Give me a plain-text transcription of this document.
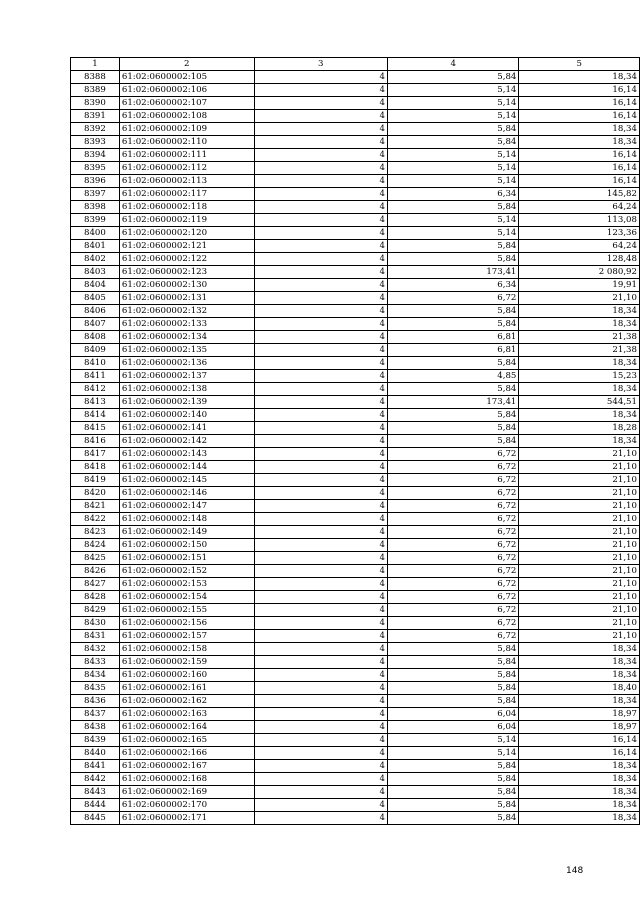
1	2	3	4	5
8388	61:02:0600002:105	4	5,84	18,34
8389	61:02:0600002:106	4	5,14	16,14
8390	61:02:0600002:107	4	5,14	16,14
8391	61:02:0600002:108	4	5,14	16,14
8392	61:02:0600002:109	4	5,84	18,34
8393	61:02:0600002:110	4	5,84	18,34
8394	61:02:0600002:111	4	5,14	16,14
8395	61:02:0600002:112	4	5,14	16,14
8396	61:02:0600002:113	4	5,14	16,14
8397	61:02:0600002:117	4	6,34	145,82
8398	61:02:0600002:118	4	5,84	64,24
8399	61:02:0600002:119	4	5,14	113,08
8400	61:02:0600002:120	4	5,14	123,36
8401	61:02:0600002:121	4	5,84	64,24
8402	61:02:0600002:122	4	5,84	128,48
8403	61:02:0600002:123	4	173,41	2 080,92
8404	61:02:0600002:130	4	6,34	19,91
8405	61:02:0600002:131	4	6,72	21,10
8406	61:02:0600002:132	4	5,84	18,34
8407	61:02:0600002:133	4	5,84	18,34
8408	61:02:0600002:134	4	6,81	21,38
8409	61:02:0600002:135	4	6,81	21,38
8410	61:02:0600002:136	4	5,84	18,34
8411	61:02:0600002:137	4	4,85	15,23
8412	61:02:0600002:138	4	5,84	18,34
8413	61:02:0600002:139	4	173,41	544,51
8414	61:02:0600002:140	4	5,84	18,34
8415	61:02:0600002:141	4	5,84	18,28
8416	61:02:0600002:142	4	5,84	18,34
8417	61:02:0600002:143	4	6,72	21,10
8418	61:02:0600002:144	4	6,72	21,10
8419	61:02:0600002:145	4	6,72	21,10
8420	61:02:0600002:146	4	6,72	21,10
8421	61:02:0600002:147	4	6,72	21,10
8422	61:02:0600002:148	4	6,72	21,10
8423	61:02:0600002:149	4	6,72	21,10
8424	61:02:0600002:150	4	6,72	21,10
8425	61:02:0600002:151	4	6,72	21,10
8426	61:02:0600002:152	4	6,72	21,10
8427	61:02:0600002:153	4	6,72	21,10
8428	61:02:0600002:154	4	6,72	21,10
8429	61:02:0600002:155	4	6,72	21,10
8430	61:02:0600002:156	4	6,72	21,10
8431	61:02:0600002:157	4	6,72	21,10
8432	61:02:0600002:158	4	5,84	18,34
8433	61:02:0600002:159	4	5,84	18,34
8434	61:02:0600002:160	4	5,84	18,34
8435	61:02:0600002:161	4	5,84	18,40
8436	61:02:0600002:162	4	5,84	18,34
8437	61:02:0600002:163	4	6,04	18,97
8438	61:02:0600002:164	4	6,04	18,97
8439	61:02:0600002:165	4	5,14	16,14
8440	61:02:0600002:166	4	5,14	16,14
8441	61:02:0600002:167	4	5,84	18,34
8442	61:02:0600002:168	4	5,84	18,34
8443	61:02:0600002:169	4	5,84	18,34
8444	61:02:0600002:170	4	5,84	18,34
8445	61:02:0600002:171	4	5,84	18,34
148
